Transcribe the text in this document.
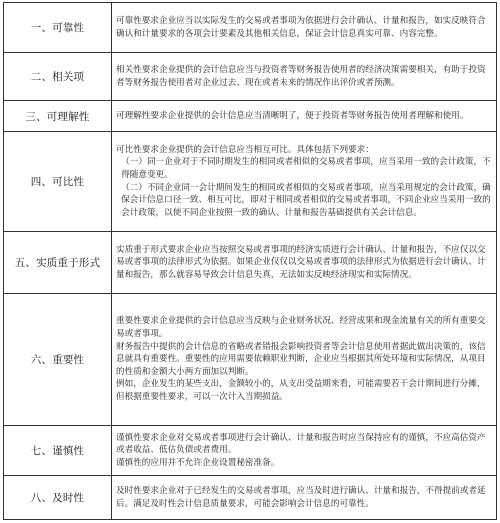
一、可靠性	可靠性要求企业应当以实际发生的交易或者事项为依据进行会计确认、计量和报告，如实反映符合确认和计量要求的各项会计要素及其他相关信息，保证会计信息真实可靠、内容完整。

二、相关项	相关性要求企业提供的会计信息应当与投资者等财务报告使用者的经济决策需要相关，有助于投资者等财务报告使用者对企业过去、现在或者未来的情况作出评价或者预测。

三、可理解性	可理解性要求企业提供的会计信息应当清晰明了，便于投资者等财务报告使用者理解和使用。

四、可比性	可比性要求企业提供的会计信息应当相互可比。具体包括下列要求：
（一）同一企业对于不同时期发生的相同或者相似的交易或者事项，应当采用一致的会计政策，不得随意变更。
（二）不同企业同一会计期间发生的相同或者相似的交易或者事项，应当采用规定的会计政策，确保会计信息口径一致、相互可比，即对于相同或者相似的交易或者事项，不同企业应当采用一致的会计政策，以使不同企业按照一致的确认、计量和报告基础提供有关会计信息。

五、实质重于形式	实质重于形式要求企业应当按照交易或者事项的经济实质进行会计确认、计量和报告，不应仅以交易或者事项的法律形式为依据。如果企业仅仅以交易或者事项的法律形式为依据进行会计确认、计量和报告，那么就容易导致会计信息失真，无法如实反映经济现实和实际情况。

六、重要性	重要性要求企业提供的会计信息应当反映与企业财务状况、经营成果和现金流量有关的所有重要交易或者事项。
财务报告中提供的会计信息的省略或者错报会影响投资者等会计信息使用者据此做出决策的，该信息就具有重要性。重要性的应用需要依赖职业判断，企业应当根据其所处环境和实际情况，从项目的性质和金额大小两方面加以判断。
例如，企业发生的某些支出，金额较小的，从支出受益期来看，可能需要若干会计期间进行分摊，但根据重要性要求，可以一次计入当期损益。

七、谨慎性	谨慎性要求企业对交易或者事项进行会计确认、计量和报告时应当保持应有的谨慎，不应高估资产或者收益、低估负债或者费用。
谨慎性的应用并不允许企业设置秘密准备。

八、及时性	及时性要求企业对于已经发生的交易或者事项，应当及时进行确认、计量和报告，不得提前或者延后。满足及时性会计信息质量要求，可能会影响会计信息的可靠性。
